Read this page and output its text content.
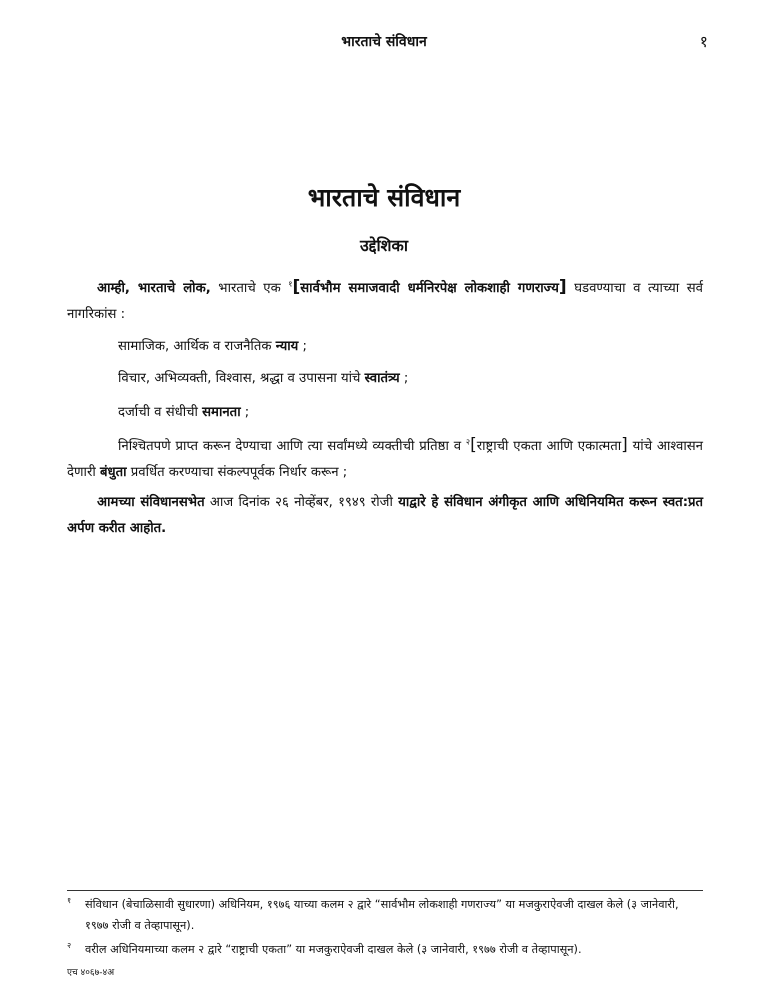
भारताचे संविधान	१
भारताचे संविधान
उद्देशिका

आम्ही, भारताचे लोक, भारताचे एक $^१$[सार्वभौम समाजवादी धर्मनिरपेक्ष लोकशाही गणराज्य] घडवण्याचा व त्याच्या सर्व नागरिकांस :

सामाजिक, आर्थिक व राजनैतिक न्याय ;
विचार, अभिव्यक्ती, विश्वास, श्रद्धा व उपासना यांचे स्वातंत्र्य ;
दर्जाची व संधीची समानता ;

निश्चितपणे प्राप्त करून देण्याचा आणि त्या सर्वांमध्ये व्यक्तीची प्रतिष्ठा व $^२$[राष्ट्राची एकता आणि एकात्मता] यांचे आश्वासन देणारी बंधुता प्रवर्धित करण्याचा संकल्पपूर्वक निर्धार करून ;

आमच्या संविधानसभेत आज दिनांक २६ नोव्हेंबर, १९४९ रोजी याद्वारे हे संविधान अंगीकृत आणि अधिनियमित करून स्वत:प्रत अर्पण करीत आहोत.

१	संविधान (बेचाळिसावी सुधारणा) अधिनियम, १९७६ याच्या कलम २ द्वारे “सार्वभौम लोकशाही गणराज्य” या मजकुराऐवजी दाखल केले (३ जानेवारी, १९७७ रोजी व तेव्हापासून).
२	वरील अधिनियमाच्या कलम २ द्वारे “राष्ट्राची एकता” या मजकुराऐवजी दाखल केले (३ जानेवारी, १९७७ रोजी व तेव्हापासून).
एच ४०६७-४अ
